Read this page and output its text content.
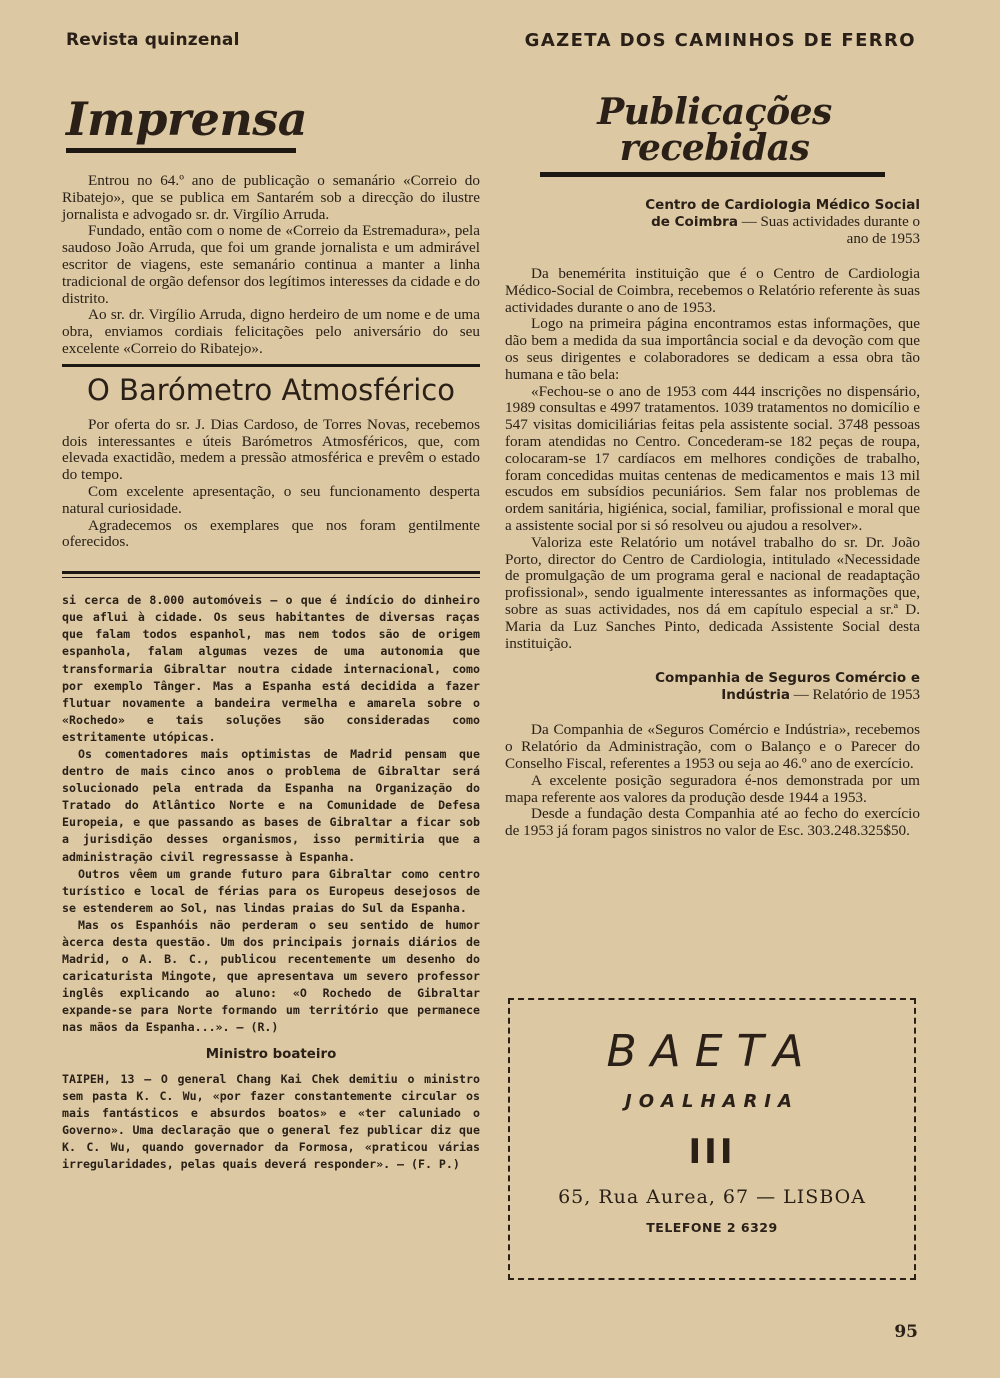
Revista quinzenal	GAZETA DOS CAMINHOS DE FERRO
Imprensa

Entrou no 64.º ano de publicação o semanário «Correio do Ribatejo», que se publica em Santarém sob a direcção do ilustre jornalista e advogado sr. dr. Virgílio Arruda.

Fundado, então com o nome de «Correio da Estremadura», pela saudoso João Arruda, que foi um grande jornalista e um admirável escritor de viagens, este semanário continua a manter a linha tradicional de orgão defensor dos legítimos interesses da cidade e do distrito.

Ao sr. dr. Virgílio Arruda, digno herdeiro de um nome e de uma obra, enviamos cordiais felicitações pelo aniversário do seu excelente «Correio do Ribatejo».

O Barómetro Atmosférico

Por oferta do sr. J. Dias Cardoso, de Torres Novas, recebemos dois interessantes e úteis Barómetros Atmosféricos, que, com elevada exactidão, medem a pressão atmosférica e prevêm o estado do tempo.

Com excelente apresentação, o seu funcionamento desperta natural curiosidade.

Agradecemos os exemplares que nos foram gentilmente oferecidos.

si cerca de 8.000 automóveis — o que é indício do dinheiro que aflui à cidade. Os seus habitantes de diversas raças que falam todos espanhol, mas nem todos são de origem espanhola, falam algumas vezes de uma autonomia que transformaria Gibraltar noutra cidade internacional, como por exemplo Tânger. Mas a Espanha está decidida a fazer flutuar novamente a bandeira vermelha e amarela sobre o «Rochedo» e tais soluções são consideradas como estritamente utópicas.

Os comentadores mais optimistas de Madrid pensam que dentro de mais cinco anos o problema de Gibraltar será solucionado pela entrada da Espanha na Organização do Tratado do Atlântico Norte e na Comunidade de Defesa Europeia, e que passando as bases de Gibraltar a ficar sob a jurisdição desses organismos, isso permitiria que a administração civil regressasse à Espanha.

Outros vêem um grande futuro para Gibraltar como centro turístico e local de férias para os Europeus desejosos de se estenderem ao Sol, nas lindas praias do Sul da Espanha.

Mas os Espanhóis não perderam o seu sentido de humor àcerca desta questão. Um dos principais jornais diários de Madrid, o A. B. C., publicou recentemente um desenho do caricaturista Mingote, que apresentava um severo professor inglês explicando ao aluno: «O Rochedo de Gibraltar expande-se para Norte formando um território que permanece nas mãos da Espanha...». — (R.)

Ministro boateiro

TAIPEH, 13 — O general Chang Kai Chek demitiu o ministro sem pasta K. C. Wu, «por fazer constantemente circular os mais fantásticos e absurdos boatos» e «ter caluniado o Governo». Uma declaração que o general fez publicar diz que K. C. Wu, quando governador da Formosa, «praticou várias irregularidades, pelas quais deverá responder». — (F. P.)

Publicações recebidas
Centro de Cardiologia Médico Social de Coimbra — Suas actividades durante o ano de 1953

Da benemérita instituição que é o Centro de Cardiologia Médico-Social de Coimbra, recebemos o Relatório referente às suas actividades durante o ano de 1953.

Logo na primeira página encontramos estas informações, que dão bem a medida da sua importância social e da devoção com que os seus dirigentes e colaboradores se dedicam a essa obra tão humana e tão bela:

«Fechou-se o ano de 1953 com 444 inscrições no dispensário, 1989 consultas e 4997 tratamentos. 1039 tratamentos no domicílio e 547 visitas domiciliárias feitas pela assistente social. 3748 pessoas foram atendidas no Centro. Concederam-se 182 peças de roupa, colocaram-se 17 cardíacos em melhores condições de trabalho, foram concedidas muitas centenas de medicamentos e mais 13 mil escudos em subsídios pecuniários. Sem falar nos problemas de ordem sanitária, higiénica, social, familiar, profissional e moral que a assistente social por si só resolveu ou ajudou a resolver».

Valoriza este Relatório um notável trabalho do sr. Dr. João Porto, director do Centro de Cardiologia, intitulado «Necessidade de promulgação de um programa geral e nacional de readaptação profissional», sendo igualmente interessantes as informações que, sobre as suas actividades, nos dá em capítulo especial a sr.ª D. Maria da Luz Sanches Pinto, dedicada Assistente Social desta instituição.

Companhia de Seguros Comércio e Indústria — Relatório de 1953

Da Companhia de «Seguros Comércio e Indústria», recebemos o Relatório da Administração, com o Balanço e o Parecer do Conselho Fiscal, referentes a 1953 ou seja ao 46.º ano de exercício.

A excelente posição seguradora é-nos demonstrada por um mapa referente aos valores da produção desde 1944 a 1953.

Desde a fundação desta Companhia até ao fecho do exercício de 1953 já foram pagos sinistros no valor de Esc. 303.248.325$50.

BAETA
JOALHARIA
III
65, Rua Aurea, 67 — LISBOA
TELEFONE 2 6329
95
